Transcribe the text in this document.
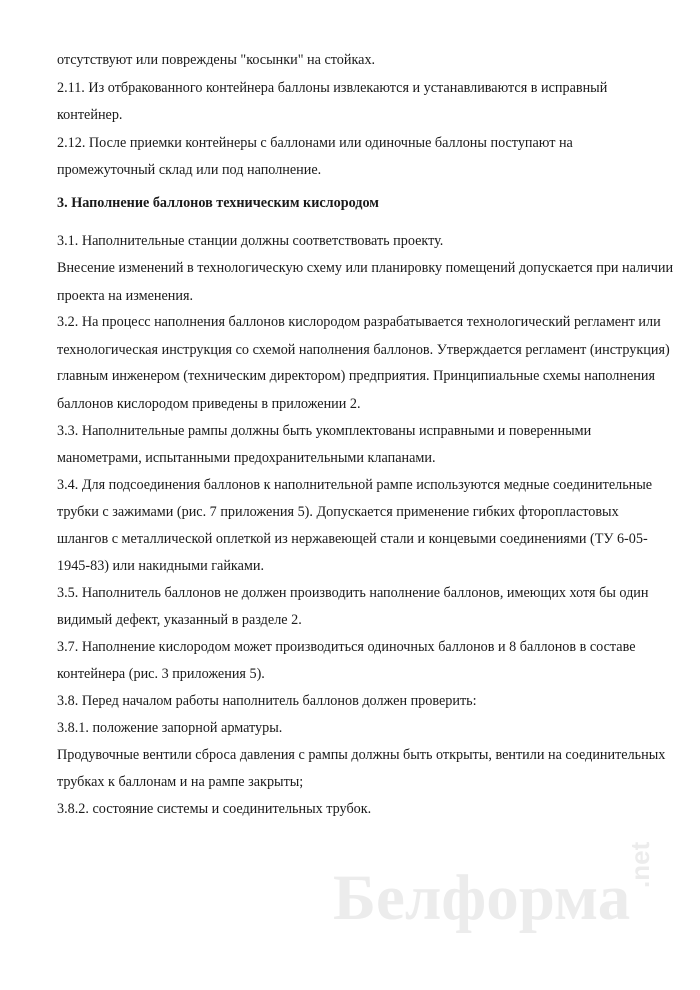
отсутствуют или повреждены "косынки" на стойках.
2.11. Из отбракованного контейнера баллоны извлекаются и устанавливаются в исправный
контейнер.
2.12. После приемки контейнеры с баллонами или одиночные баллоны поступают на
промежуточный склад или под наполнение.
3. Наполнение баллонов техническим кислородом
3.1. Наполнительные станции должны соответствовать проекту.
Внесение изменений в технологическую схему или планировку помещений допускается при наличии
проекта на изменения.
3.2. На процесс наполнения баллонов кислородом разрабатывается технологический регламент или
технологическая инструкция со схемой наполнения баллонов. Утверждается регламент (инструкция)
главным инженером (техническим директором) предприятия. Принципиальные схемы наполнения
баллонов кислородом приведены в приложении 2.
3.3. Наполнительные рампы должны быть укомплектованы исправными и поверенными
манометрами, испытанными предохранительными клапанами.
3.4. Для подсоединения баллонов к наполнительной рампе используются медные соединительные
трубки с зажимами (рис. 7 приложения 5). Допускается применение гибких фторопластовых
шлангов с металлической оплеткой из нержавеющей стали и концевыми соединениями (ТУ 6-05-
1945-83) или накидными гайками.
3.5. Наполнитель баллонов не должен производить наполнение баллонов, имеющих хотя бы один
видимый дефект, указанный в разделе 2.
3.7. Наполнение кислородом может производиться одиночных баллонов и 8 баллонов в составе
контейнера (рис. 3 приложения 5).
3.8. Перед началом работы наполнитель баллонов должен проверить:
3.8.1. положение запорной арматуры.
Продувочные вентили сброса давления с рампы должны быть открыты, вентили на соединительных
трубках к баллонам и на рампе закрыты;
3.8.2. состояние системы и соединительных трубок.
Белформа
.net
